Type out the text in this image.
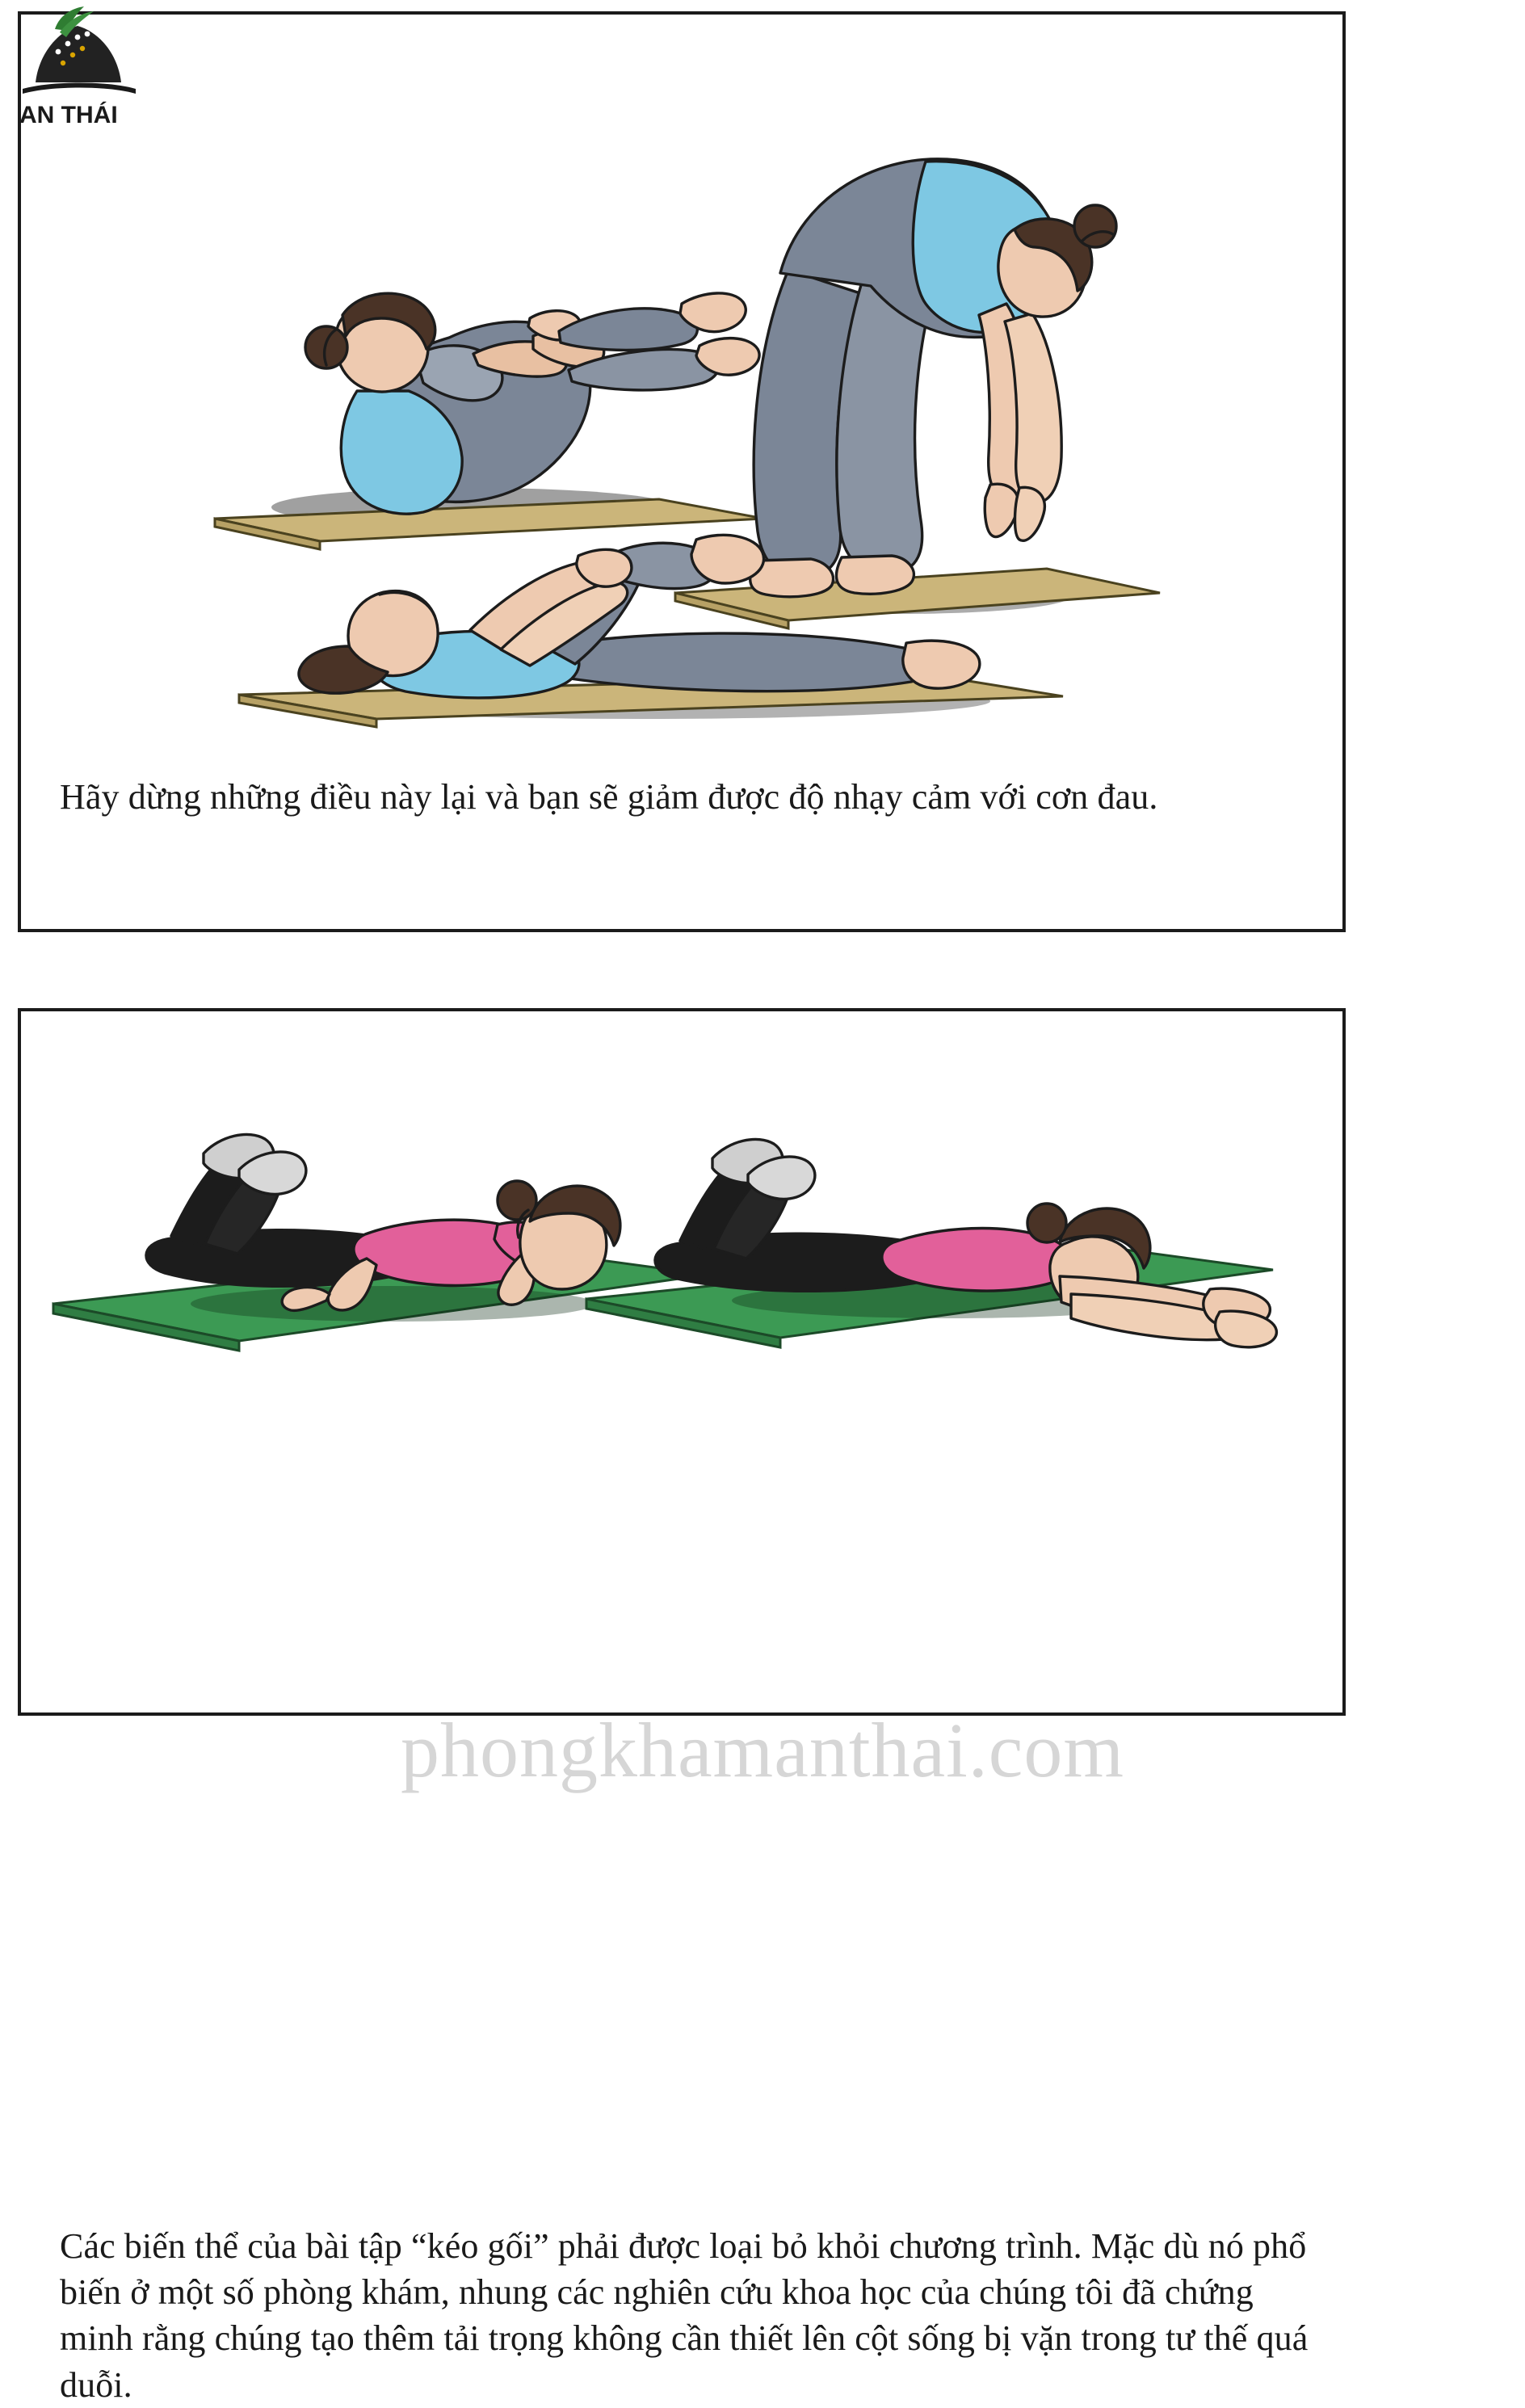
AN THÁI
Hãy dừng những điều này lại và bạn sẽ giảm được độ nhạy cảm với cơn đau.
Các biến thể của bài tập “kéo gối” phải được loại bỏ khỏi chương trình. Mặc dù nó phổ biến ở một số phòng khám, nhung các nghiên cứu khoa học của chúng tôi đã chứng minh rằng chúng tạo thêm tải trọng không cần thiết lên cột sống bị vặn trong tư thế quá duỗi.
phongkhamanthai.com
